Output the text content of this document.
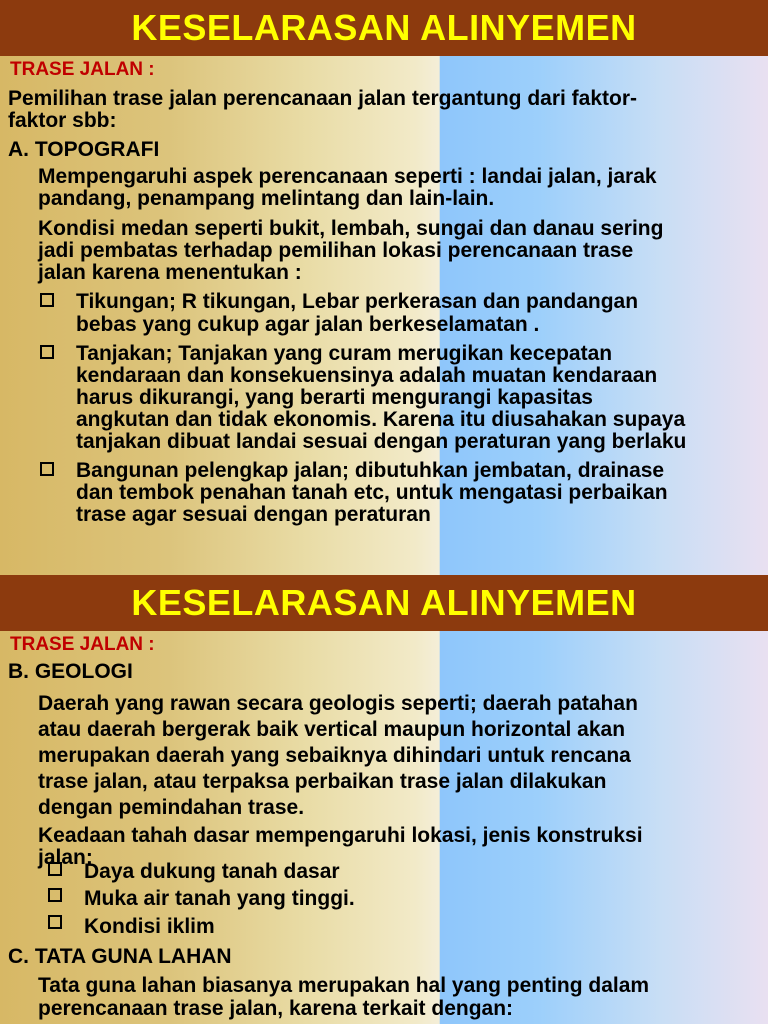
KESELARASAN ALINYEMEN
TRASE JALAN :
Pemilihan trase jalan perencanaan jalan tergantung dari faktor-
faktor sbb:
A. TOPOGRAFI
Mempengaruhi aspek perencanaan seperti : landai jalan, jarak
pandang, penampang melintang dan lain-lain.
Kondisi medan seperti bukit, lembah, sungai dan danau sering
jadi pembatas terhadap pemilihan lokasi perencanaan trase
jalan karena menentukan :
Tikungan; R tikungan, Lebar perkerasan dan pandangan
bebas yang cukup agar jalan berkeselamatan .
Tanjakan; Tanjakan yang curam merugikan kecepatan
kendaraan dan konsekuensinya adalah muatan kendaraan
harus dikurangi, yang berarti mengurangi kapasitas
angkutan dan tidak ekonomis. Karena itu diusahakan supaya
tanjakan dibuat landai sesuai dengan peraturan yang berlaku
Bangunan pelengkap jalan; dibutuhkan jembatan, drainase
dan tembok penahan tanah etc, untuk mengatasi perbaikan
trase agar sesuai dengan peraturan
KESELARASAN ALINYEMEN
TRASE JALAN :
B. GEOLOGI
Daerah yang rawan secara geologis seperti; daerah patahan
atau daerah bergerak baik vertical maupun horizontal akan
merupakan daerah yang sebaiknya dihindari untuk rencana
trase jalan, atau terpaksa perbaikan trase jalan dilakukan
dengan pemindahan trase.
Keadaan tahah dasar mempengaruhi lokasi, jenis konstruksi
jalan:
Daya dukung tanah dasar
Muka air tanah yang tinggi.
Kondisi iklim
C. TATA GUNA LAHAN
Tata guna lahan biasanya merupakan hal yang penting dalam
perencanaan trase jalan, karena terkait dengan:
